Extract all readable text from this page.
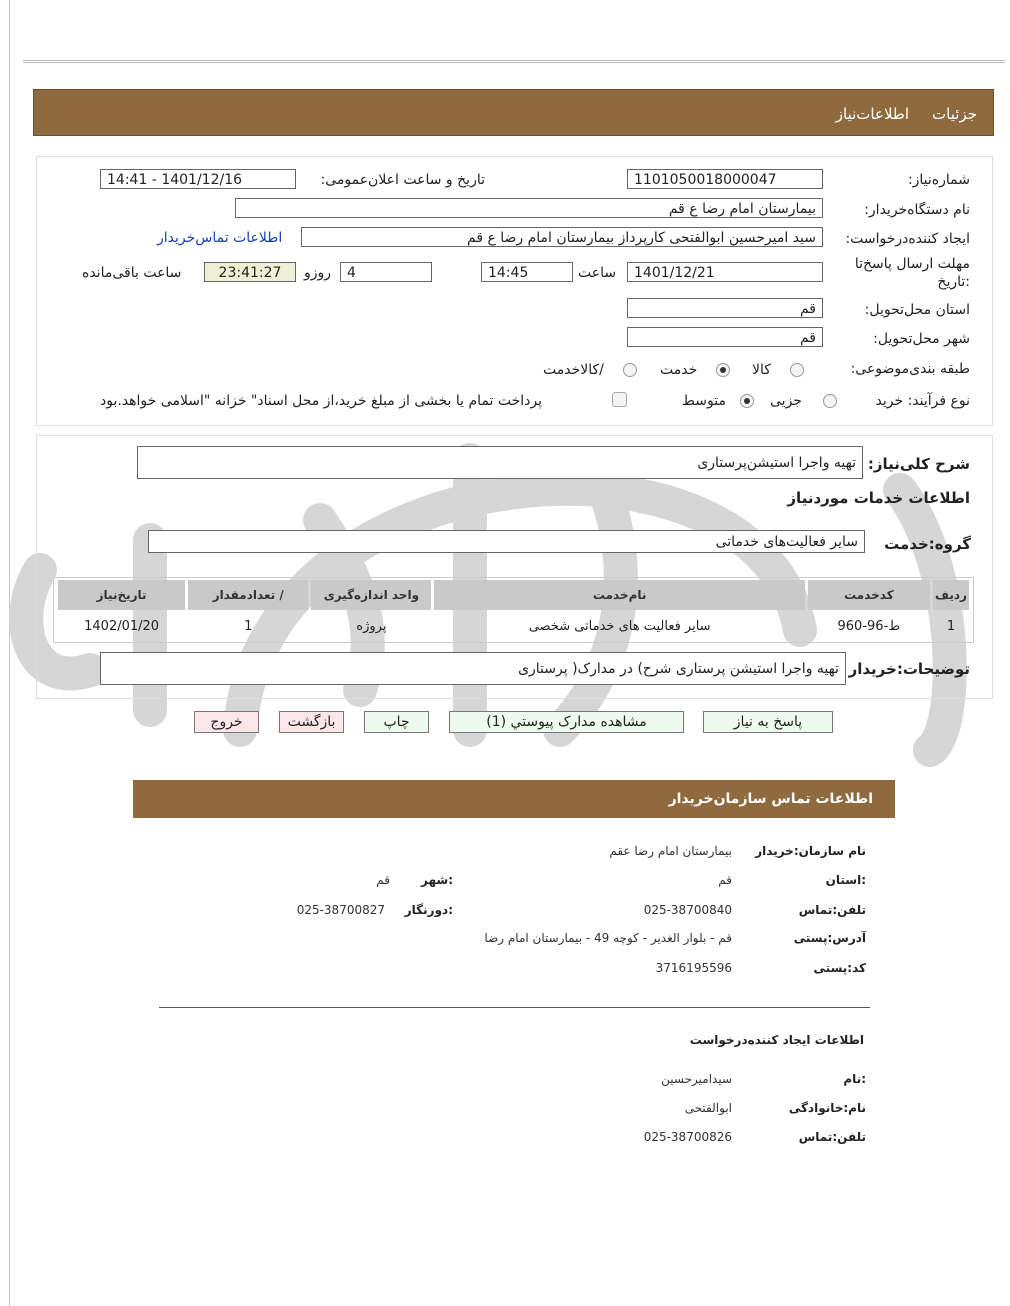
جزئیات
اطلاعات‌نیاز
شماره‌نیاز:
1101050018000047
تاریخ و ساعت اعلان‌عمومی:
1401/12/16 - 14:41
نام دستگاه‌خریدار:
بیمارستان امام رضا ع قم
ایجاد کننده‌درخواست:
سید امیرحسین ابوالفتحی کارپرداز بیمارستان امام رضا ع قم
اطلاعات تماس‌خریدار
مهلت ارسال پاسخ‌تا
:تاریخ
1401/12/21
ساعت
14:45
4
روزو
23:41:27
ساعت باقی‌مانده
استان محل‌تحویل:
قم
شهر محل‌تحویل:
قم
طبقه بندی‌موضوعی:
کالا
خدمت
/کالاخدمت
نوع فرآیند: خرید
جزیی
متوسط
پرداخت تمام یا بخشی از مبلغ خرید،از محل اسناد" خزانه "اسلامی خواهد.بود
شرح کلی‌نیاز:
تهیه واجرا استیشن‌پرستاری
اطلاعات خدمات موردنیاز
گروه:خدمت
سایر فعالیت‌های خدماتی
ردیف	کدخدمت	نام‌خدمت	واحد اندازه‌گیری	/ تعدادمقدار	تاریخ‌نیاز
1	ط-96-960	سایر فعالیت های خدماتی شخصی	پروژه	1	1402/01/20
توضیحات:خریدار
تهیه واجرا استیشن پرستاری شرح) در مدارک( پرستاری
پاسخ به نیاز
مشاهده مدارک پیوستي (1)
چاپ
بازگشت
خروج
اطلاعات تماس سازمان‌خریدار
نام سازمان:خریدار
بیمارستان امام رضا عقم
:استان
قم
:شهر
قم
تلفن:تماس
025-38700840
:دورنگار
025-38700827
آدرس:پستی
قم - بلوار الغدیر - کوچه 49 - بیمارستان امام رضا
کد:پستی
3716195596
اطلاعات ایجاد کننده‌درخواست
:نام
سیدامیرحسین
نام:خانوادگی
ابوالفتحی
تلفن:تماس
025-38700826
